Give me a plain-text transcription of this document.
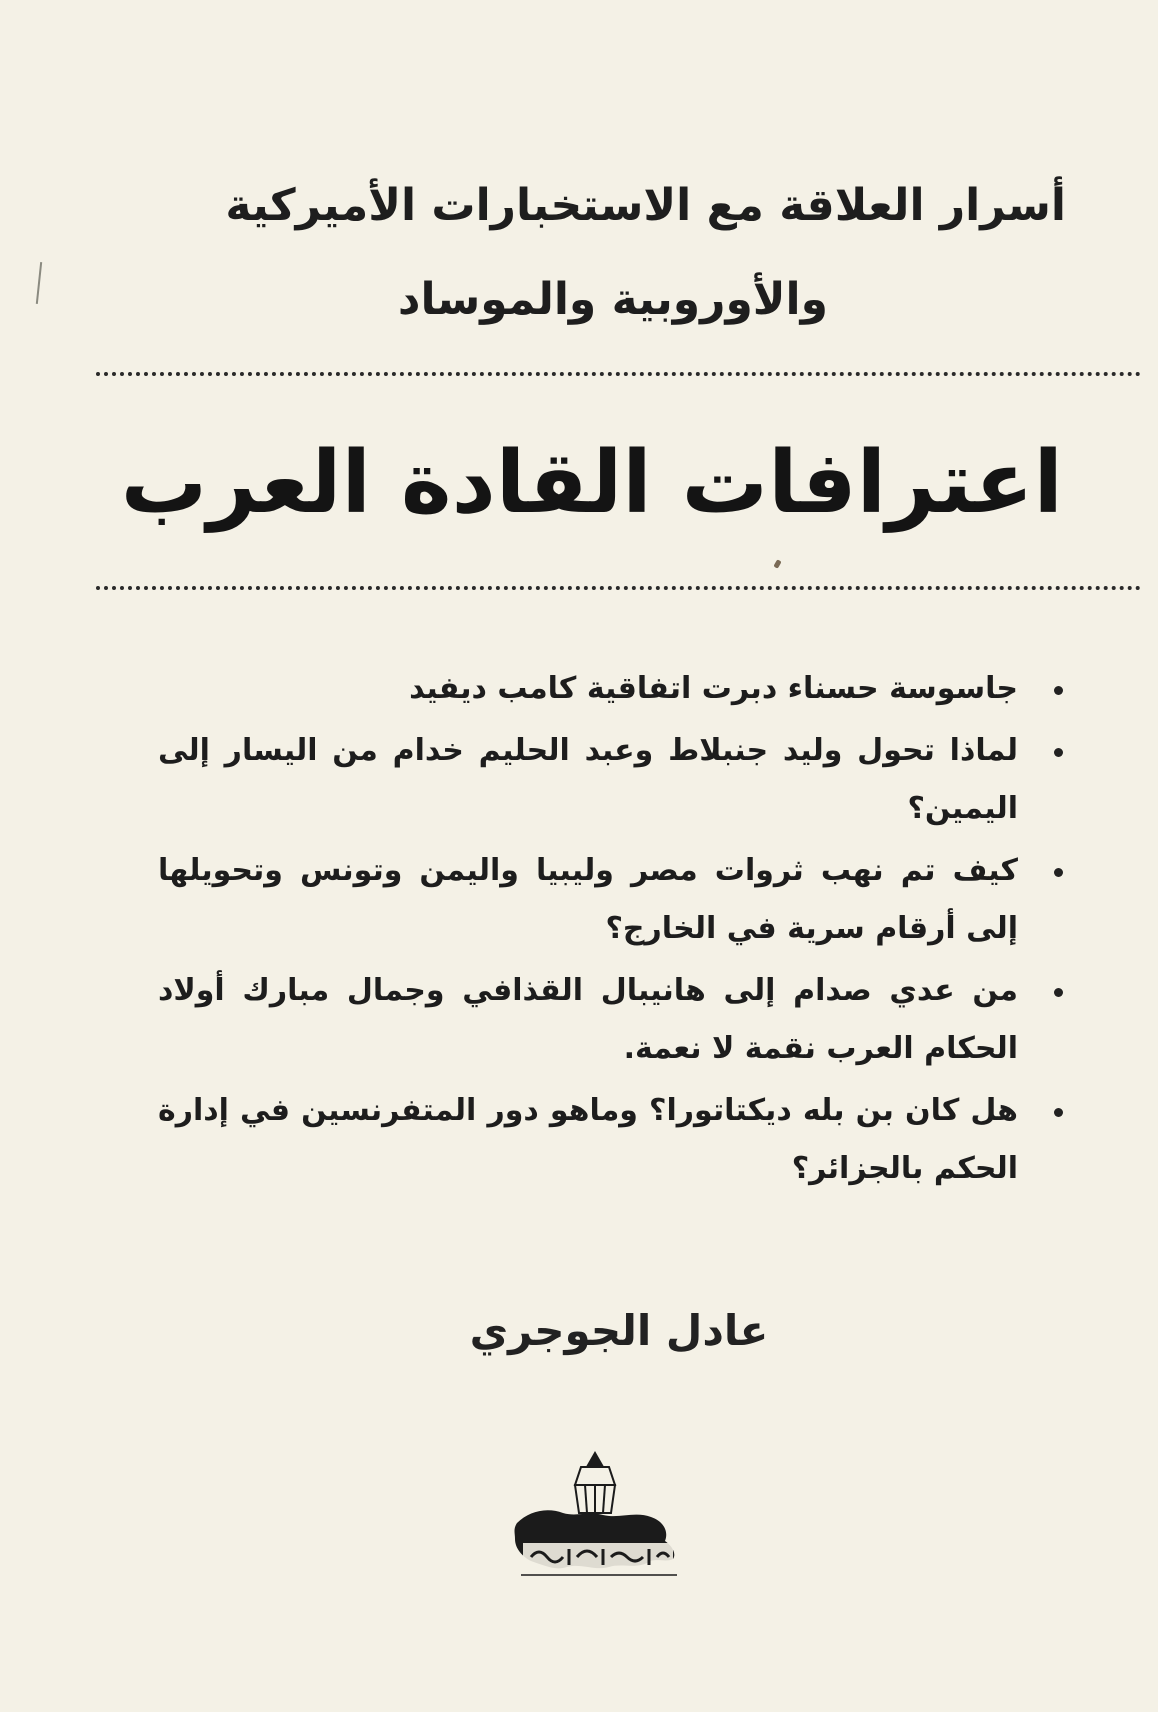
أسرار العلاقة مع الاستخبارات الأميركية
والأوروبية والموساد
اعترافات القادة العرب
جاسوسة حسناء دبرت اتفاقية كامب ديفيد
لماذا تحول وليد جنبلاط وعبد الحليم خدام من اليسار إلى اليمين؟
كيف تم نهب ثروات مصر وليبيا واليمن وتونس وتحويلها إلى أرقام سرية في الخارج؟
من عدي صدام إلى هانيبال القذافي وجمال مبارك أولاد الحكام العرب نقمة لا نعمة.
هل كان بن بله ديكتاتورا؟ وماهو دور المتفرنسين في إدارة الحكم بالجزائر؟
عادل الجوجري
